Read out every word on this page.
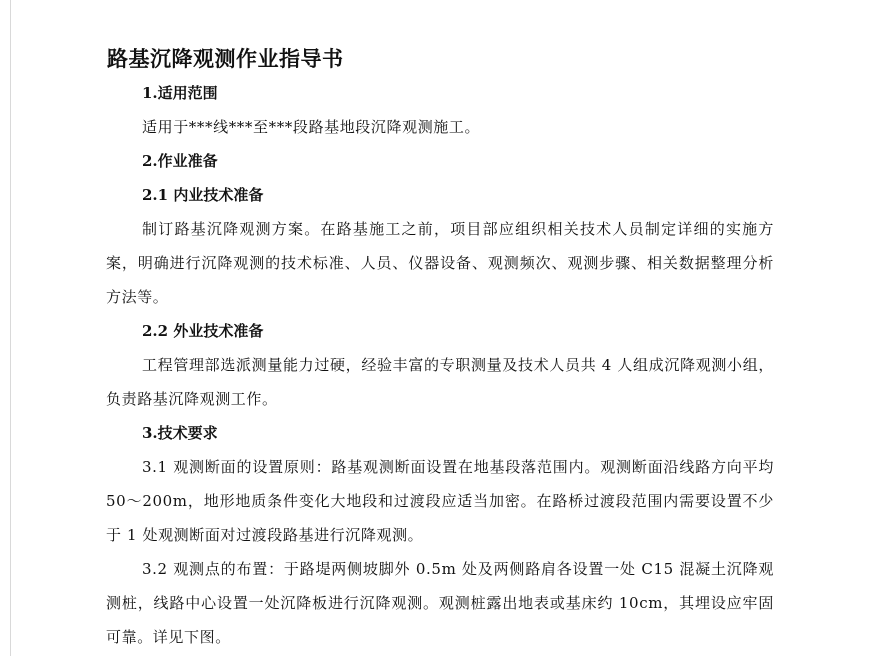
路基沉降观测作业指导书
1.适用范围
适用于***线***至***段路基地段沉降观测施工。
2.作业准备
2.1 内业技术准备
制订路基沉降观测方案。在路基施工之前，项目部应组织相关技术人员制定详细的实施方案，明确进行沉降观测的技术标准、人员、仪器设备、观测频次、观测步骤、相关数据整理分析方法等。
2.2 外业技术准备
工程管理部选派测量能力过硬，经验丰富的专职测量及技术人员共 4 人组成沉降观测小组，负责路基沉降观测工作。
3.技术要求
3.1 观测断面的设置原则：路基观测断面设置在地基段落范围内。观测断面沿线路方向平均 50～200m，地形地质条件变化大地段和过渡段应适当加密。在路桥过渡段范围内需要设置不少于 1 处观测断面对过渡段路基进行沉降观测。
3.2 观测点的布置：于路堤两侧坡脚外 0.5m 处及两侧路肩各设置一处 C15 混凝土沉降观测桩，线路中心设置一处沉降板进行沉降观测。观测桩露出地表或基床约 10cm，其埋设应牢固可靠。详见下图。
